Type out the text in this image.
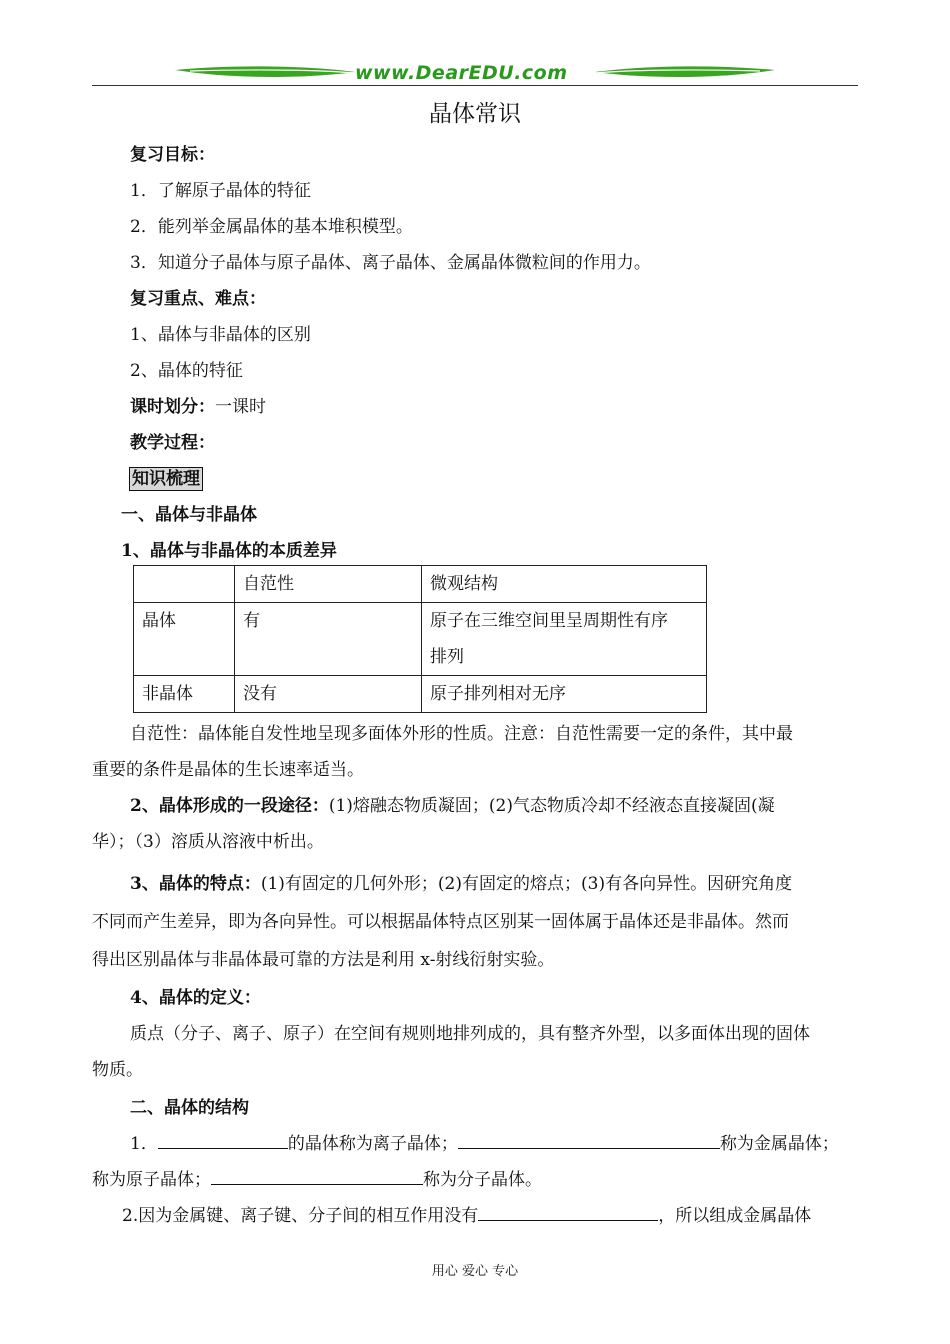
www.DearEDU.com
晶体常识
复习目标：
1．了解原子晶体的特征
2．能列举金属晶体的基本堆积模型。
3．知道分子晶体与原子晶体、离子晶体、金属晶体微粒间的作用力。
复习重点、难点：
1、晶体与非晶体的区别
2、晶体的特征
课时划分：一课时
教学过程：
知识梳理
一、晶体与非晶体
1、晶体与非晶体的本质差异
	自范性	微观结构
晶体	有	原子在三维空间里呈周期性有序
排列

非晶体	没有	原子排列相对无序
自范性：晶体能自发性地呈现多面体外形的性质。注意：自范性需要一定的条件，其中最
重要的条件是晶体的生长速率适当。
2、晶体形成的一段途径：(1)熔融态物质凝固；(2)气态物质冷却不经液态直接凝固(凝
华）；（3）溶质从溶液中析出。
3、晶体的特点：(1)有固定的几何外形；(2)有固定的熔点；(3)有各向异性。因研究角度
不同而产生差异，即为各向异性。可以根据晶体特点区别某一固体属于晶体还是非晶体。然而
得出区别晶体与非晶体最可靠的方法是利用 x-射线衍射实验。
4、晶体的定义：
质点（分子、离子、原子）在空间有规则地排列成的，具有整齐外型，以多面体出现的固体
物质。
二、晶体的结构
1．	的晶体称为离子晶体；	称为金属晶体；
称为原子晶体；	称为分子晶体。
2.因为金属键、离子键、分子间的相互作用没有	，所以组成金属晶体
用心 爱心 专心
